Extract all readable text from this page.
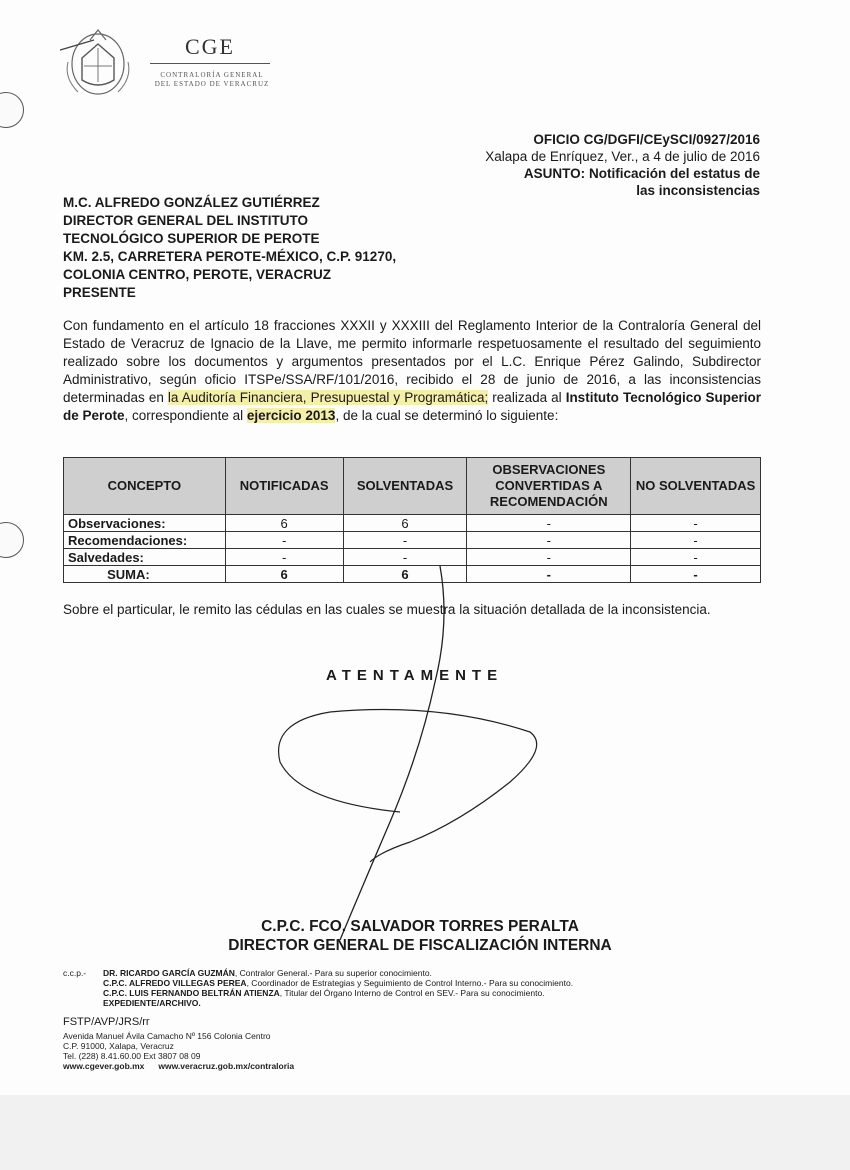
CGE
CONTRALORÍA GENERAL
DEL ESTADO DE VERACRUZ
OFICIO CG/DGFI/CEySCI/0927/2016
Xalapa de Enríquez, Ver., a 4 de julio de 2016
ASUNTO: Notificación del estatus de
las inconsistencias
M.C. ALFREDO GONZÁLEZ GUTIÉRREZ
DIRECTOR GENERAL DEL INSTITUTO
TECNOLÓGICO SUPERIOR DE PEROTE
KM. 2.5, CARRETERA PEROTE-MÉXICO, C.P. 91270,
COLONIA CENTRO, PEROTE, VERACRUZ
PRESENTE
Con fundamento en el artículo 18 fracciones XXXII y XXXIII del Reglamento Interior de la Contraloría General del Estado de Veracruz de Ignacio de la Llave, me permito informarle respetuosamente el resultado del seguimiento realizado sobre los documentos y argumentos presentados por el L.C. Enrique Pérez Galindo, Subdirector Administrativo, según oficio ITSPe/SSA/RF/101/2016, recibido el 28 de junio de 2016, a las inconsistencias determinadas en la Auditoría Financiera, Presupuestal y Programática; realizada al Instituto Tecnológico Superior de Perote, correspondiente al ejercicio 2013, de la cual se determinó lo siguiente:
CONCEPTO	NOTIFICADAS	SOLVENTADAS	OBSERVACIONES CONVERTIDAS A RECOMENDACIÓN	NO SOLVENTADAS
Observaciones:	6	6	-	-
Recomendaciones:	-	-	-	-
Salvedades:	-	-	-	-
SUMA:	6	6	-	-
Sobre el particular, le remito las cédulas en las cuales se muestra la situación detallada de la inconsistencia.
ATENTAMENTE
C.P.C. FCO. SALVADOR TORRES PERALTA
DIRECTOR GENERAL DE FISCALIZACIÓN INTERNA
c.c.p.- DR. RICARDO GARCÍA GUZMÁN, Contralor General.- Para su superior conocimiento.
C.P.C. ALFREDO VILLEGAS PEREA, Coordinador de Estrategias y Seguimiento de Control Interno.- Para su conocimiento.
C.P.C. LUIS FERNANDO BELTRÁN ATIENZA, Titular del Órgano Interno de Control en SEV.- Para su conocimiento.
EXPEDIENTE/ARCHIVO.
FSTP/AVP/JRS/rr
Avenida Manuel Ávila Camacho Nº 156 Colonia Centro
C.P. 91000, Xalapa, Veracruz
Tel. (228) 8.41.60.00 Ext 3807 08 09
www.cgever.gob.mx www.veracruz.gob.mx/contraloria
